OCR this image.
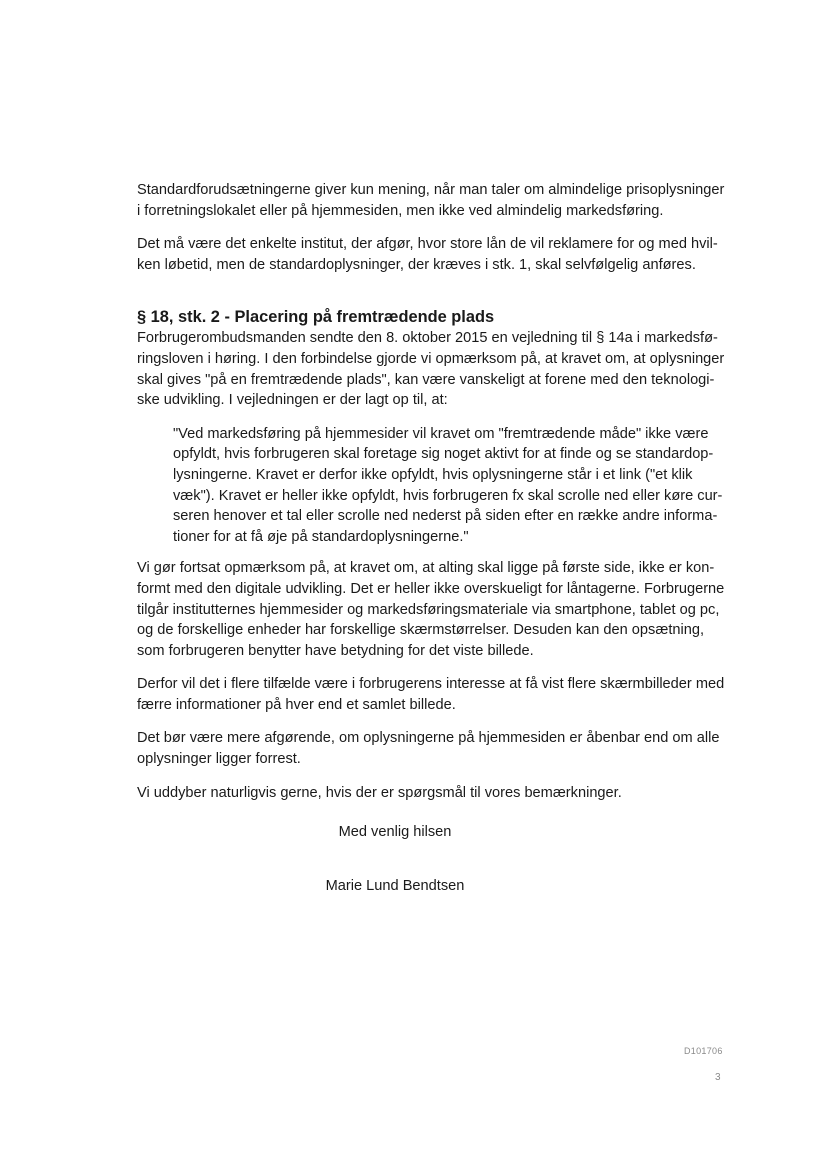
Standardforudsætningerne giver kun mening, når man taler om almindelige prisoplysninger
i forretningslokalet eller på hjemmesiden, men ikke ved almindelig markedsføring.

Det må være det enkelte institut, der afgør, hvor store lån de vil reklamere for og med hvil-
ken løbetid, men de standardoplysninger, der kræves i stk. 1, skal selvfølgelig anføres.

§ 18, stk. 2 - Placering på fremtrædende plads

Forbrugerombudsmanden sendte den 8. oktober 2015 en vejledning til § 14a i markedsfø-
ringsloven i høring. I den forbindelse gjorde vi opmærksom på, at kravet om, at oplysninger
skal gives "på en fremtrædende plads", kan være vanskeligt at forene med den teknologi-
ske udvikling. I vejledningen er der lagt op til, at:

"Ved markedsføring på hjemmesider vil kravet om "fremtrædende måde" ikke være
opfyldt, hvis forbrugeren skal foretage sig noget aktivt for at finde og se standardop-
lysningerne. Kravet er derfor ikke opfyldt, hvis oplysningerne står i et link ("et klik
væk"). Kravet er heller ikke opfyldt, hvis forbrugeren fx skal scrolle ned eller køre cur-
seren henover et tal eller scrolle ned nederst på siden efter en række andre informa-
tioner for at få øje på standardoplysningerne."

Vi gør fortsat opmærksom på, at kravet om, at alting skal ligge på første side, ikke er kon-
formt med den digitale udvikling. Det er heller ikke overskueligt for låntagerne. Forbrugerne
tilgår institutternes hjemmesider og markedsføringsmateriale via smartphone, tablet og pc,
og de forskellige enheder har forskellige skærmstørrelser. Desuden kan den opsætning,
som forbrugeren benytter have betydning for det viste billede.

Derfor vil det i flere tilfælde være i forbrugerens interesse at få vist flere skærmbilleder med
færre informationer på hver end et samlet billede.

Det bør være mere afgørende, om oplysningerne på hjemmesiden er åbenbar end om alle
oplysninger ligger forrest.

Vi uddyber naturligvis gerne, hvis der er spørgsmål til vores bemærkninger.

Med venlig hilsen
Marie Lund Bendtsen
D101706
3
